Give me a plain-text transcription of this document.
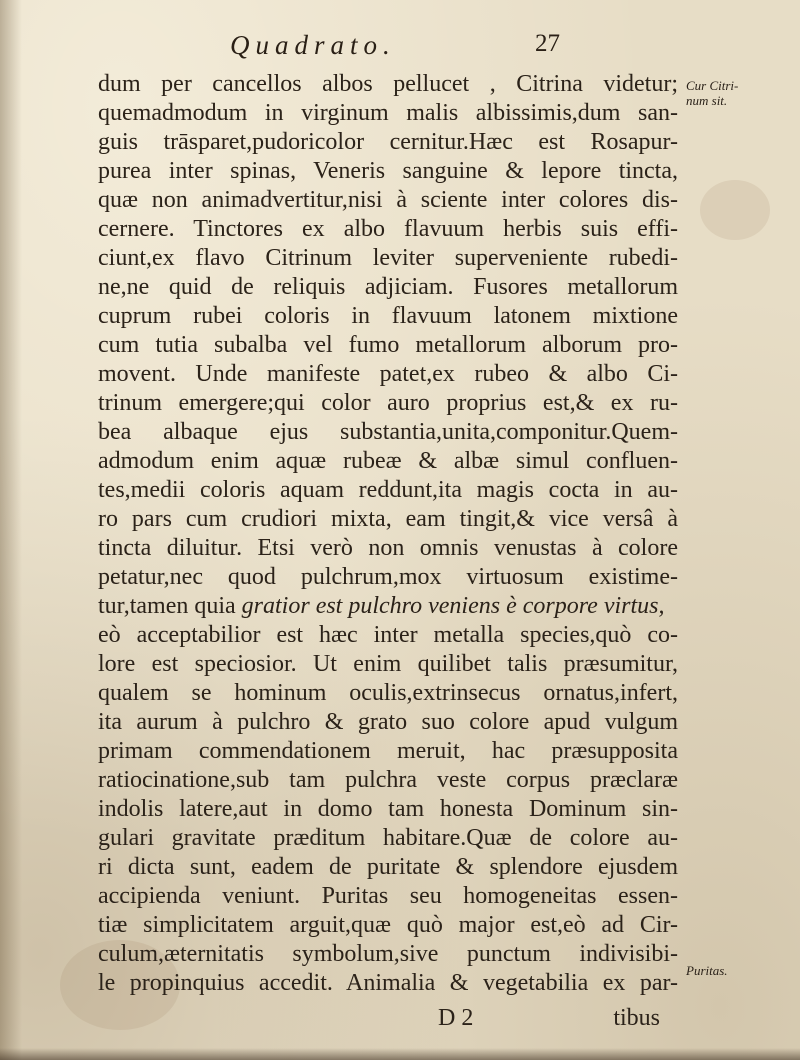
Quadrato.	27
dum per cancellos albos pellucet , Citrina videtur;
quemadmodum in virginum malis albissimis,dum san-
guis trāsparet,pudoricolor cernitur.Hæc est Rosapur-
purea inter spinas, Veneris sanguine & lepore tincta,
quæ non animadvertitur,nisi à sciente inter colores dis-
cernere. Tinctores ex albo flavuum herbis suis effi-
ciunt,ex flavo Citrinum leviter superveniente rubedi-
ne,ne quid de reliquis adjiciam. Fusores metallorum
cuprum rubei coloris in flavuum latonem mixtione
cum tutia subalba vel fumo metallorum alborum pro-
movent. Unde manifeste patet,ex rubeo & albo Ci-
trinum emergere;qui color auro proprius est,& ex ru-
bea albaque ejus substantia,unita,componitur.Quem-
admodum enim aquæ rubeæ & albæ simul confluen-
tes,medii coloris aquam reddunt,ita magis cocta in au-
ro pars cum crudiori mixta, eam tingit,& vice versâ à
tincta diluitur. Etsi verò non omnis venustas à colore
petatur,nec quod pulchrum,mox virtuosum existime-
tur,tamen quia gratior est pulchro veniens è corpore virtus,
eò acceptabilior est hæc inter metalla species,quò co-
lore est speciosior. Ut enim quilibet talis præsumitur,
qualem se hominum oculis,extrinsecus ornatus,infert,
ita aurum à pulchro & grato suo colore apud vulgum
primam commendationem meruit, hac præsupposita
ratiocinatione,sub tam pulchra veste corpus præclaræ
indolis latere,aut in domo tam honesta Dominum sin-
gulari gravitate præditum habitare.Quæ de colore au-
ri dicta sunt, eadem de puritate & splendore ejusdem
accipienda veniunt. Puritas seu homogeneitas essen-
tiæ simplicitatem arguit,quæ quò major est,eò ad Cir-
culum,æternitatis symbolum,sive punctum indivisibi-
le propinquius accedit. Animalia & vegetabilia ex par-
Cur Citri-
num sit.
Puritas.
D 2	tibus
